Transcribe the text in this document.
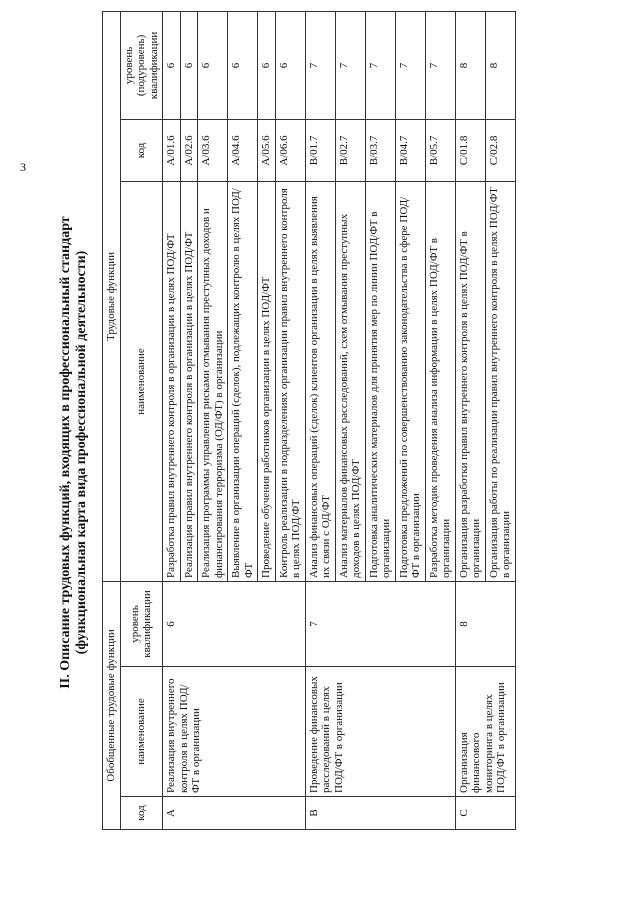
3
II. Описание трудовых функций, входящих в профессиональный стандарт (функциональная карта вида профессиональной деятельности)
Обобщенные трудовые функции			Трудовые функции		
код	наименование	уровень квалификации	наименование	код	уровень (подуровень) квалификации
А	Реализация внутреннего контроля в целях ПОД/ФТ в организации	6	Разработка правил внутреннего контроля в организации в целях ПОД/ФТ	A/01.6	6
			Реализация правил внутреннего контроля в организации в целях ПОД/ФТ	A/02.6	6
			Реализация программы управления рисками отмывания преступных доходов и финансирования терроризма (ОД/ФТ) в организации	A/03.6	6
			Выявление в организации операций (сделок), подлежащих контролю в целях ПОД/ФТ	A/04.6	6
			Проведение обучения работников организации в целях ПОД/ФТ	A/05.6	6
			Контроль реализации в подразделениях организации правил внутреннего контроля в целях ПОД/ФТ	A/06.6	6
В	Проведение финансовых расследований в целях ПОД/ФТ в организации	7	Анализ финансовых операций (сделок) клиентов организации в целях выявления их связи с ОД/ФТ	B/01.7	7
			Анализ материалов финансовых расследований, схем отмывания преступных доходов в целях ПОД/ФТ	B/02.7	7
			Подготовка аналитических материалов для принятия мер по линии ПОД/ФТ в организации	B/03.7	7
			Подготовка предложений по совершенствованию законодательства в сфере ПОД/ФТ в организации	B/04.7	7
			Разработка методик проведения анализа информации в целях ПОД/ФТ в организации	B/05.7	7
С	Организация финансового мониторинга в целях ПОД/ФТ в организации	8	Организация разработки правил внутреннего контроля в целях ПОД/ФТ в организации	C/01.8	8
			Организация работы по реализации правил внутреннего контроля в целях ПОД/ФТ в организации	C/02.8	8
